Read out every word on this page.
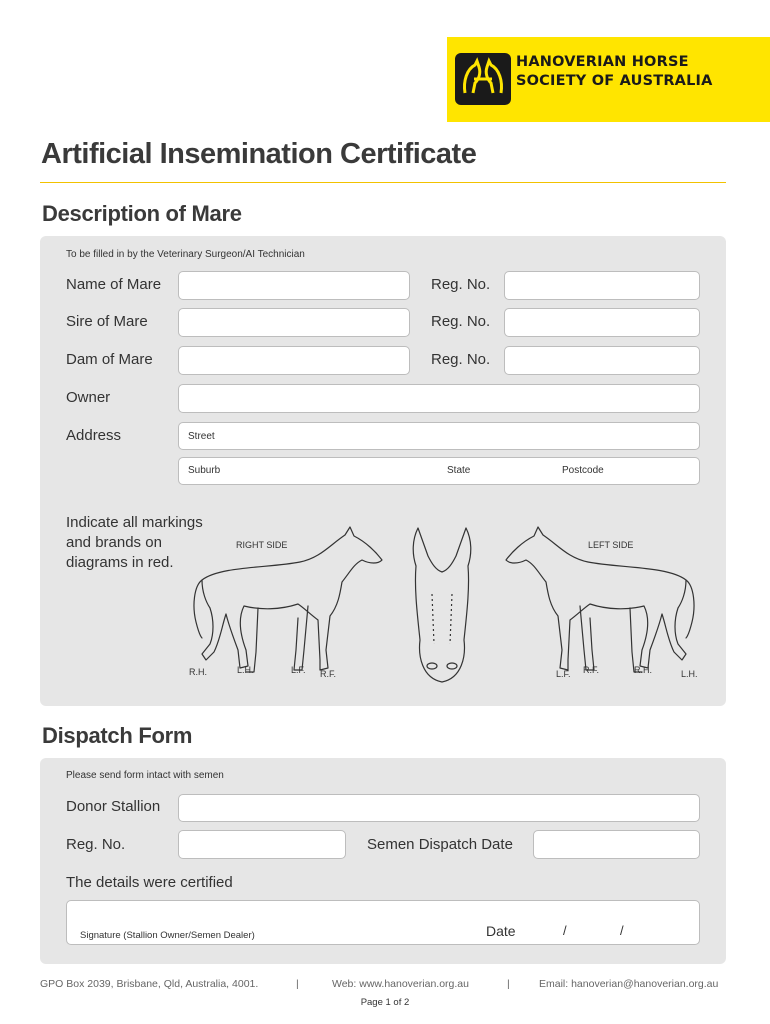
HANOVERIAN HORSE
SOCIETY OF AUSTRALIA
Artificial Insemination Certificate
Description of Mare
To be filled in by the Veterinary Surgeon/AI Technician
Name of Mare	Reg. No.
Sire of Mare	Reg. No.
Dam of Mare	Reg. No.
Owner
Address	Street
Suburb	State	Postcode
Indicate all markings and brands on diagrams in red.
RIGHT SIDE
R.H.	L.H.	L.F. R.F.
LEFT SIDE
L.F. R.F.	R.H.	L.H.
Dispatch Form
Please send form intact with semen
Donor Stallion
Reg. No.	Semen Dispatch Date
The details were certified
Signature (Stallion Owner/Semen Dealer)	Date	/	/
GPO Box 2039, Brisbane, Qld, Australia, 4001.	|	Web: www.hanoverian.org.au	|	Email: hanoverian@hanoverian.org.au
Page 1 of 2
